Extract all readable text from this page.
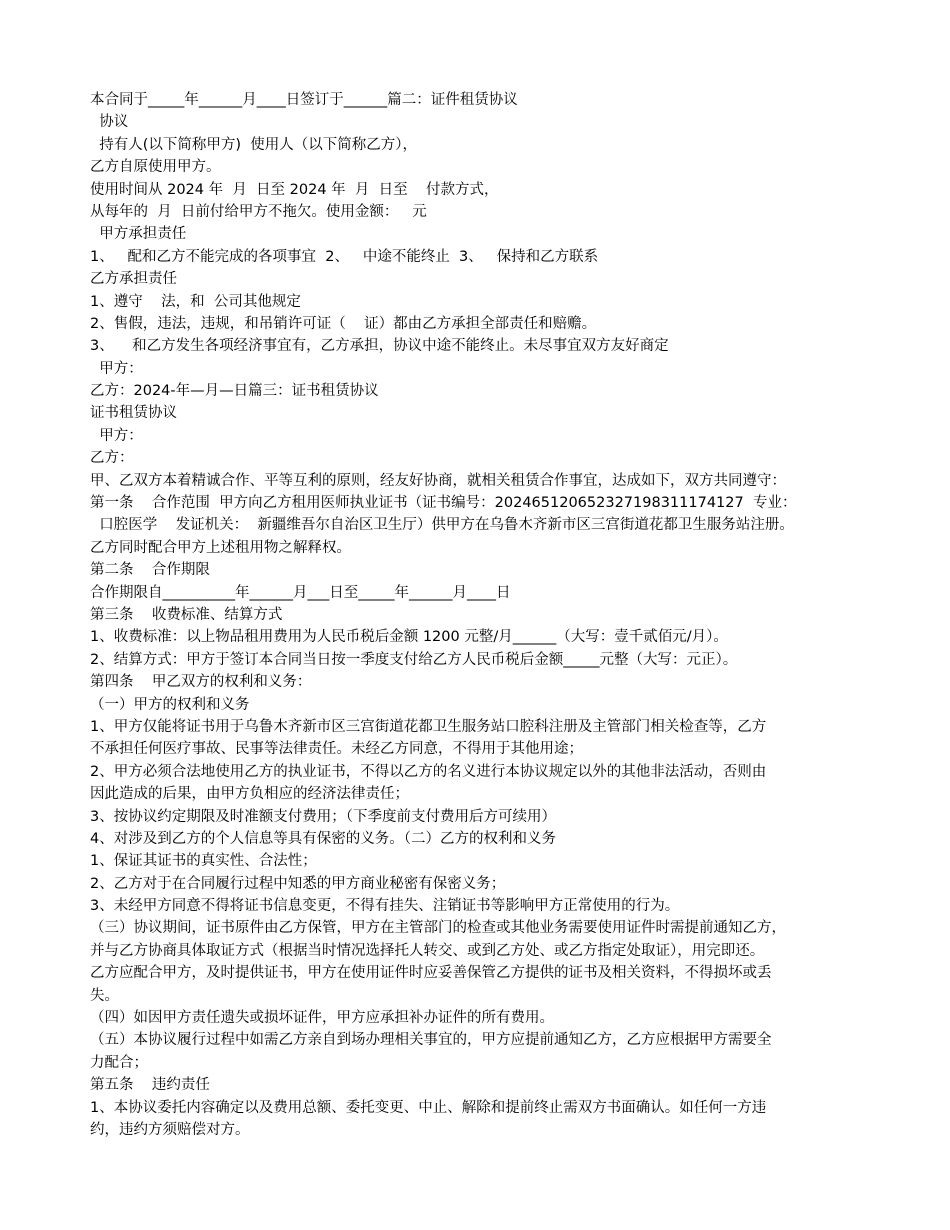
本合同于_____年______月____日签订于______篇二：证件租赁协议
协议
持有人(以下简称甲方)  使用人（以下简称乙方），
乙方自原使用甲方。
使用时间从 2024 年  月  日至 2024 年  月  日至    付款方式，
从每年的  月  日前付给甲方不拖欠。使用金额：   元
甲方承担责任
1、   配和乙方不能完成的各项事宜  2、   中途不能终止  3、   保持和乙方联系
乙方承担责任
1、遵守    法，和  公司其他规定
2、售假，违法，违规，和吊销许可证（    证）都由乙方承担全部责任和赔赡。
3、    和乙方发生各项经济事宜有，乙方承担，协议中途不能终止。未尽事宜双方友好商定
甲方：
乙方：2024-年—月—日篇三：证书租赁协议
证书租赁协议
甲方：
乙方：
甲、乙双方本着精诚合作、平等互利的原则，经友好协商，就相关租赁合作事宜，达成如下，双方共同遵守：
第一条    合作范围  甲方向乙方租用医师执业证书（证书编号：2024651206523271983111741​27  专业：
口腔医学    发证机关：  新疆维吾尔自治区卫生厅）供甲方在乌鲁木齐新市区三宫街道花都卫生服务站注册。
乙方同时配合甲方上述租用物之解释权。
第二条    合作期限
合作期限自__________年______月___日至_____年______月____日
第三条    收费标准、结算方式
1、收费标准：以上物品租用费用为人民币税后金额 1200 元整/月______（大写：壹千贰佰元/月）。
2、结算方式：甲方于签订本合同当日按一季度支付给乙方人民币税后金额_____元整（大写：元正）。
第四条    甲乙双方的权利和义务：
（一）甲方的权利和义务
1、甲方仅能将证书用于乌鲁木齐新市区三宫街道花都卫生服务站口腔科注册及主管部门相关检查等，乙方
不承担任何医疗事故、民事等法律责任。未经乙方同意，不得用于其他用途；
2、甲方必须合法地使用乙方的执业证书，不得以乙方的名义进行本协议规定以外的其他非法活动，否则由
因此造成的后果，由甲方负相应的经济法律责任；
3、按协议约定期限及时准额支付费用；（下季度前支付费用后方可续用）
4、对涉及到乙方的个人信息等具有保密的义务。（二）乙方的权利和义务
1、保证其证书的真实性、合法性；
2、乙方对于在合同履行过程中知悉的甲方商业秘密有保密义务；
3、未经甲方同意不得将证书信息变更，不得有挂失、注销证书等影响甲方正常使用的行为。
（三）协议期间，证书原件由乙方保管，甲方在主管部门的检查或其他业务需要使用证件时需提前通知乙方，
并与乙方协商具体取证方式（根据当时情况选择托人转交、或到乙方处、或乙方指定处取证），用完即还。
乙方应配合甲方，及时提供证书，甲方在使用证件时应妥善保管乙方提供的证书及相关资料，不得损坏或丢
失。
（四）如因甲方责任遗失或损坏证件，甲方应承担补办证件的所有费用。
（五）本协议履行过程中如需乙方亲自到场办理相关事宜的，甲方应提前通知乙方，乙方应根据甲方需要全
力配合；
第五条    违约责任
1、本协议委托内容确定以及费用总额、委托变更、中止、解除和提前终止需双方书面确认。如任何一方违
约，违约方须赔偿对方。
